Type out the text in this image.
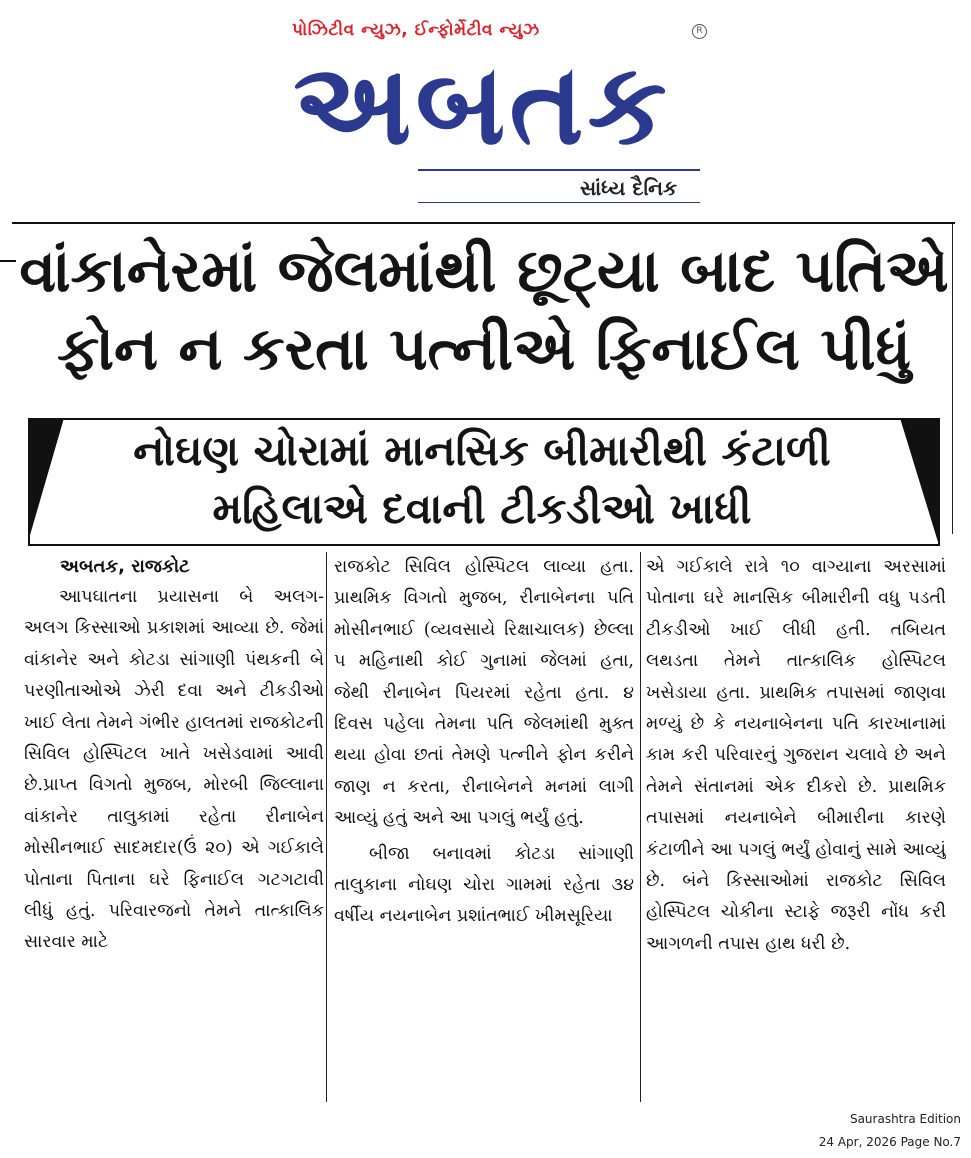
પોઝિટીવ ન્યુઝ, ઈન્ફોર્મેટીવ ન્યુઝ	R
અબતક
સાંધ્ય દૈનિક
વાંકાનેરમાં જેલમાંથી છૂટ્યા બાદ પતિએ
ફોન ન કરતા પત્નીએ ફિનાઈલ પીધું
નોઘણ ચોરામાં માનસિક બીમારીથી કંટાળી
મહિલાએ દવાની ટીકડીઓ ખાધી
અબતક, રાજકોટ

આપઘાતના પ્રયાસના બે અલગ-અલગ કિસ્સાઓ પ્રકાશમાં આવ્યા છે. જેમાં વાંકાનેર અને કોટડા સાંગાણી પંથકની બે પરણીતાઓએ ઝેરી દવા અને ટીકડીઓ ખાઈ લેતા તેમને ગંભીર હાલતમાં રાજકોટની સિવિલ હોસ્પિટલ ખાતે ખસેડવામાં આવી છે.પ્રાપ્ત વિગતો મુજબ, મોરબી જિલ્લાના વાંકાનેર તાલુકામાં રહેતા રીનાબેન મોસીનભાઈ સાદમદાર(ઉં ૨૦) એ ગઈકાલે પોતાના પિતાના ઘરે ફિનાઈલ ગટગટાવી લીધું હતું. પરિવારજનો તેમને તાત્કાલિક સારવાર માટે

રાજકોટ સિવિલ હોસ્પિટલ લાવ્યા હતા. પ્રાથમિક વિગતો મુજબ, રીનાબેનના પતિ મોસીનભાઈ (વ્યવસાયે રિક્ષાચાલક) છેલ્લા ૫ મહિનાથી કોઈ ગુનામાં જેલમાં હતા, જેથી રીનાબેન પિયરમાં રહેતા હતા. ૪ દિવસ પહેલા તેમના પતિ જેલમાંથી મુક્ત થયા હોવા છતાં તેમણે પત્નીને ફોન કરીને જાણ ન કરતા, રીનાબેનને મનમાં લાગી આવ્યું હતું અને આ પગલું ભર્યું હતું.

બીજા બનાવમાં કોટડા સાંગાણી તાલુકાના નોઘણ ચોરા ગામમાં રહેતા ૩૪ વર્ષીય નયનાબેન પ્રશાંતભાઈ ખીમસૂરિયા

એ ગઈકાલે રાત્રે ૧૦ વાગ્યાના અરસામાં પોતાના ઘરે માનસિક બીમારીની વધુ પડતી ટીકડીઓ ખાઈ લીધી હતી. તબિયત લથડતા તેમને તાત્કાલિક હોસ્પિટલ ખસેડાયા હતા. પ્રાથમિક તપાસમાં જાણવા મળ્યું છે કે નયનાબેનના પતિ કારખાનામાં કામ કરી પરિવારનું ગુજરાન ચલાવે છે અને તેમને સંતાનમાં એક દીકરો છે. પ્રાથમિક તપાસમાં નયનાબેને બીમારીના કારણે કંટાળીને આ પગલું ભર્યું હોવાનું સામે આવ્યું છે. બંને કિસ્સાઓમાં રાજકોટ સિવિલ હોસ્પિટલ ચોકીના સ્ટાફે જરૂરી નોંધ કરી આગળની તપાસ હાથ ધરી છે.

Saurashtra Edition
24 Apr, 2026 Page No.7
